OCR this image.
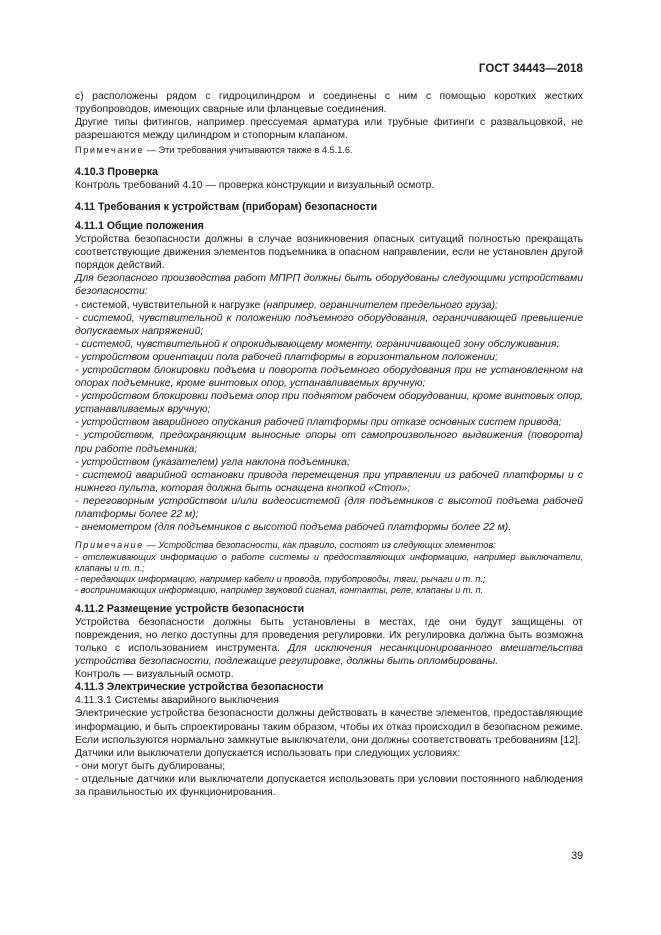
ГОСТ 34443—2018

с) расположены рядом с гидроцилиндром и соединены с ним с помощью коротких жестких трубопроводов, имеющих сварные или фланцевые соединения.

Другие типы фитингов, например прессуемая арматура или трубные фитинги с развальцовкой, не разрешаются между цилиндром и стопорным клапаном.

Примечание — Эти требования учитываются также в 4.5.1.6.

4.10.3 Проверка

Контроль требований 4.10 — проверка конструкции и визуальный осмотр.

4.11 Требования к устройствам (приборам) безопасности
4.11.1 Общие положения

Устройства безопасности должны в случае возникновения опасных ситуаций полностью прекращать соответствующие движения элементов подъемника в опасном направлении, если не установлен другой порядок действий.

Для безопасного производства работ МПРП должны быть оборудованы следующими устройствами безопасности:

- системой, чувствительной к нагрузке (например, ограничителем предельного груза);

- системой, чувствительной к положению подъемного оборудования, ограничивающей превышение допускаемых напряжений;

- системой, чувствительной к опрокидывающему моменту, ограничивающей зону обслуживания;

- устройством ориентации пола рабочей платформы в горизонтальном положении;

- устройством блокировки подъема и поворота подъемного оборудования при не установленном на опорах подъемнике, кроме винтовых опор, устанавливаемых вручную;

- устройством блокировки подъема опор при поднятом рабочем оборудовании, кроме винтовых опор, устанавливаемых вручную;

- устройством аварийного опускания рабочей платформы при отказе основных систем привода;

- устройством, предохраняющим выносные опоры от самопроизвольного выдвижения (поворота) при работе подъемника;

- устройством (указателем) угла наклона подъемника;

- системой аварийной остановки привода перемещения при управлении из рабочей платформы и с нижнего пульта, которая должна быть оснащена кнопкой «Стоп»;

- переговорным устройством и/или видеосистемой (для подъемников с высотой подъема рабочей платформы более 22 м);

- анемометром (для подъемников с высотой подъема рабочей платформы более 22 м).

Примечание — Устройства безопасности, как правило, состоят из следующих элементов:

- отслеживающих информацию о работе системы и предоставляющих информацию, например выключатели, клапаны и т. п.;

- передающих информацию, например кабели и провода, трубопроводы, тяги, рычаги и т. п.;

- воспринимающих информацию, например звуковой сигнал, контакты, реле, клапаны и т. п.

4.11.2 Размещение устройств безопасности

Устройства безопасности должны быть установлены в местах, где они будут защищены от повреждения, но легко доступны для проведения регулировки. Их регулировка должна быть возможна только с использованием инструмента. Для исключения несанкционированного вмешательства устройства безопасности, подлежащие регулировке, должны быть опломбированы.

Контроль — визуальный осмотр.

4.11.3 Электрические устройства безопасности

4.11.3.1 Системы аварийного выключения

Электрические устройства безопасности должны действовать в качестве элементов, предоставляющие информацию, и быть спроектированы таким образом, чтобы их отказ происходил в безопасном режиме. Если используются нормально замкнутые выключатели, они должны соответствовать требованиям [12].

Датчики или выключатели допускается использовать при следующих условиях:

- они могут быть дублированы;

- отдельные датчики или выключатели допускается использовать при условии постоянного наблюдения за правильностью их функционирования.

39
